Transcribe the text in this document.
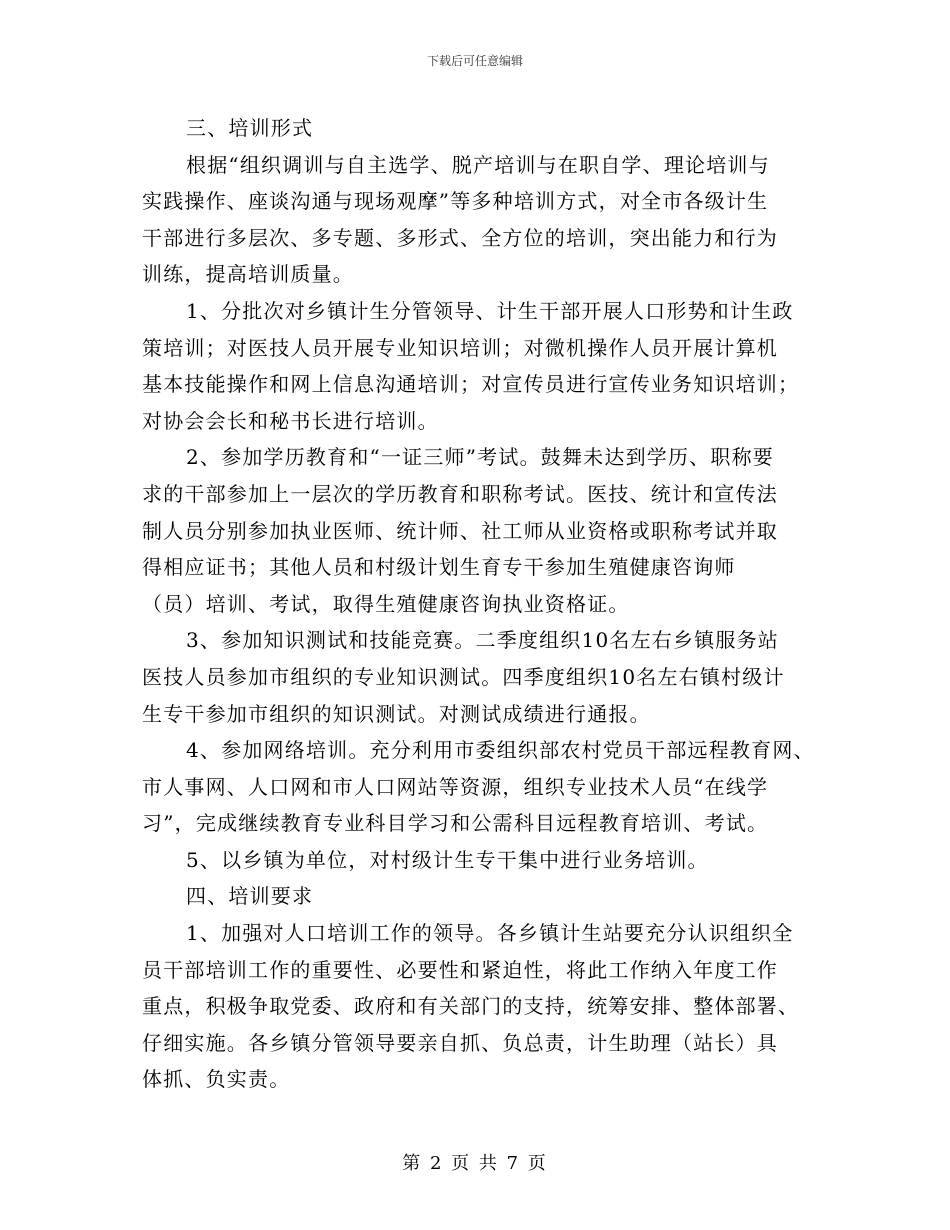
下载后可任意编辑
三、培训形式
根据“组织调训与自主选学、脱产培训与在职自学、理论培训与
实践操作、座谈沟通与现场观摩”等多种培训方式，对全市各级计生
干部进行多层次、多专题、多形式、全方位的培训，突出能力和行为
训练，提高培训质量。
1、分批次对乡镇计生分管领导、计生干部开展人口形势和计生政
策培训；对医技人员开展专业知识培训；对微机操作人员开展计算机
基本技能操作和网上信息沟通培训；对宣传员进行宣传业务知识培训；
对协会会长和秘书长进行培训。
2、参加学历教育和“一证三师”考试。鼓舞未达到学历、职称要
求的干部参加上一层次的学历教育和职称考试。医技、统计和宣传法
制人员分别参加执业医师、统计师、社工师从业资格或职称考试并取
得相应证书；其他人员和村级计划生育专干参加生殖健康咨询师
（员）培训、考试，取得生殖健康咨询执业资格证。
3、参加知识测试和技能竞赛。二季度组织10名左右乡镇服务站
医技人员参加市组织的专业知识测试。四季度组织10名左右镇村级计
生专干参加市组织的知识测试。对测试成绩进行通报。
4、参加网络培训。充分利用市委组织部农村党员干部远程教育网、
市人事网、人口网和市人口网站等资源，组织专业技术人员“在线学
习”，完成继续教育专业科目学习和公需科目远程教育培训、考试。
5、以乡镇为单位，对村级计生专干集中进行业务培训。
四、培训要求
1、加强对人口培训工作的领导。各乡镇计生站要充分认识组织全
员干部培训工作的重要性、必要性和紧迫性，将此工作纳入年度工作
重点，积极争取党委、政府和有关部门的支持，统筹安排、整体部署、
仔细实施。各乡镇分管领导要亲自抓、负总责，计生助理（站长）具
体抓、负实责。
第 2 页 共 7 页
